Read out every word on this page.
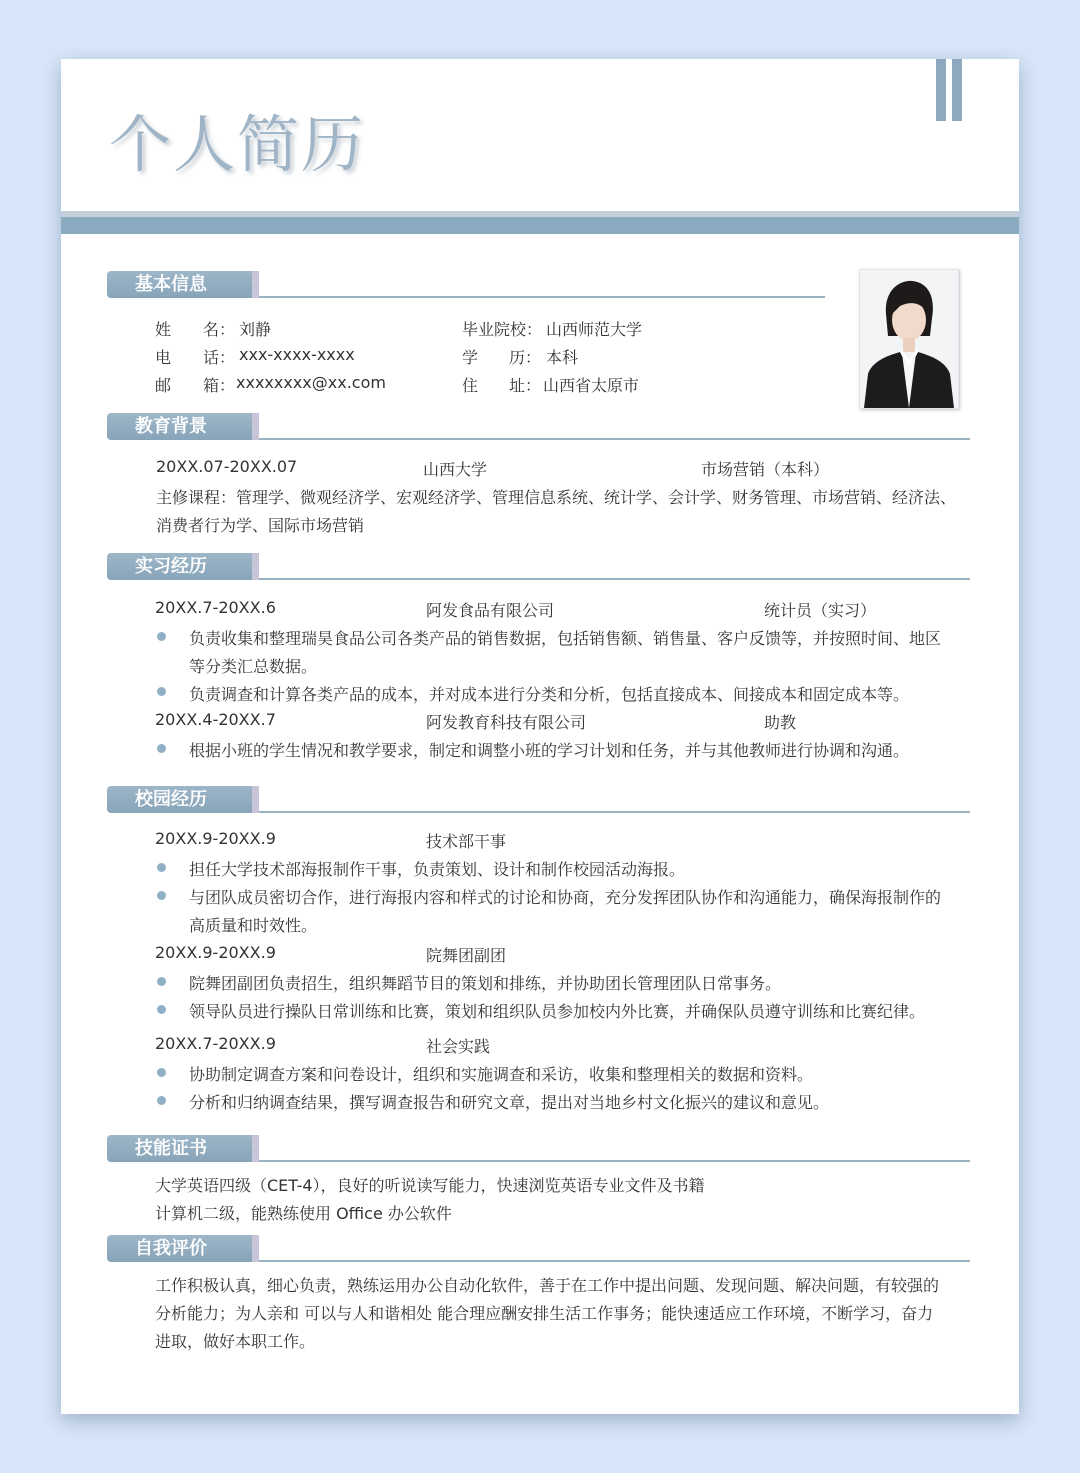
个人简历
基本信息
姓 名： 刘静
电 话： xxx-xxxx-xxxx
邮 箱： xxxxxxxx@xx.com
毕业院校： 山西师范大学
学 历： 本科
住 址： 山西省太原市
教育背景
20XX.07-20XX.07	山西大学	市场营销（本科）
主修课程：管理学、微观经济学、宏观经济学、管理信息系统、统计学、会计学、财务管理、市场营销、经济法、
消费者行为学、国际市场营销
实习经历
20XX.7-20XX.6	阿发食品有限公司	统计员（实习）
负责收集和整理瑞昊食品公司各类产品的销售数据，包括销售额、销售量、客户反馈等，并按照时间、地区
等分类汇总数据。
负责调查和计算各类产品的成本，并对成本进行分类和分析，包括直接成本、间接成本和固定成本等。
20XX.4-20XX.7	阿发教育科技有限公司	助教
根据小班的学生情况和教学要求，制定和调整小班的学习计划和任务，并与其他教师进行协调和沟通。
校园经历
20XX.9-20XX.9	技术部干事
担任大学技术部海报制作干事，负责策划、设计和制作校园活动海报。
与团队成员密切合作，进行海报内容和样式的讨论和协商，充分发挥团队协作和沟通能力，确保海报制作的
高质量和时效性。
20XX.9-20XX.9	院舞团副团
院舞团副团负责招生，组织舞蹈节目的策划和排练，并协助团长管理团队日常事务。
领导队员进行操队日常训练和比赛，策划和组织队员参加校内外比赛，并确保队员遵守训练和比赛纪律。
20XX.7-20XX.9	社会实践
协助制定调查方案和问卷设计，组织和实施调查和采访，收集和整理相关的数据和资料。
分析和归纳调查结果，撰写调查报告和研究文章，提出对当地乡村文化振兴的建议和意见。
技能证书
大学英语四级（CET-4），良好的听说读写能力，快速浏览英语专业文件及书籍
计算机二级，能熟练使用 Office 办公软件
自我评价
工作积极认真，细心负责，熟练运用办公自动化软件，善于在工作中提出问题、发现问题、解决问题，有较强的
分析能力；为人亲和 可以与人和谐相处 能合理应酬安排生活工作事务；能快速适应工作环境，不断学习，奋力
进取，做好本职工作。
